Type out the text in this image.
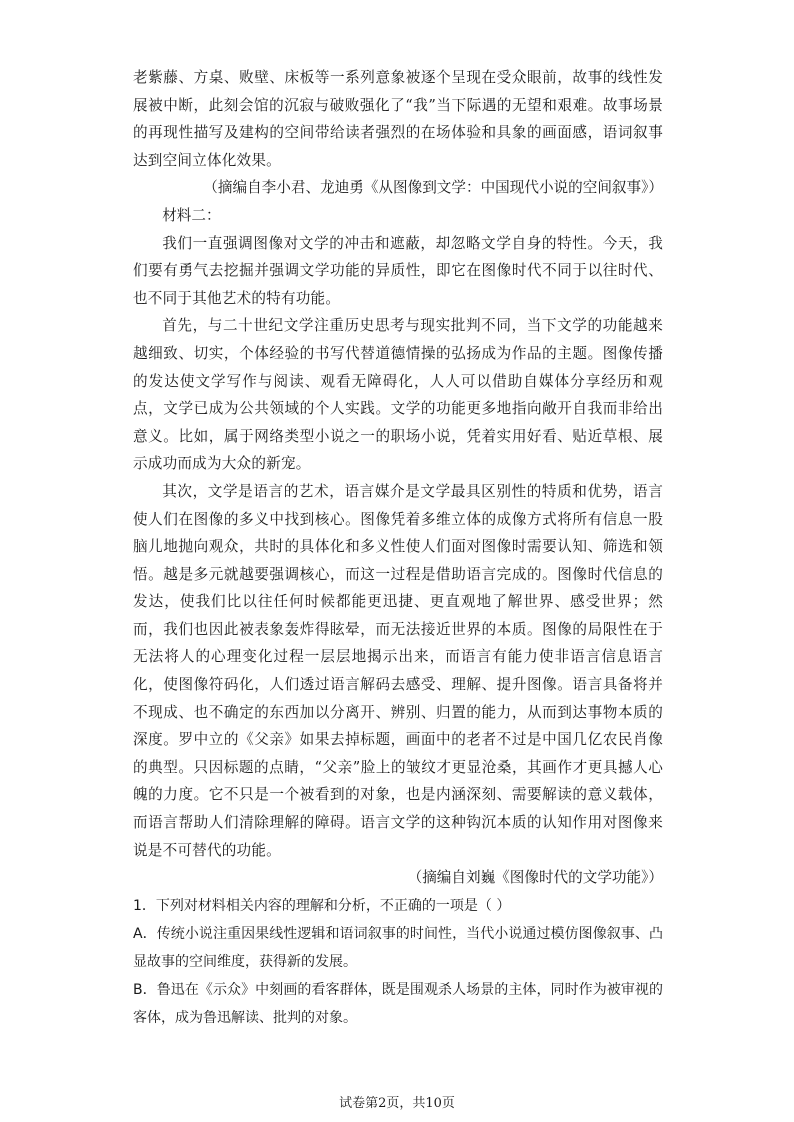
老紫藤、方桌、败壁、床板等一系列意象被逐个呈现在受众眼前，故事的线性发展被中断，此刻会馆的沉寂与破败强化了“我”当下际遇的无望和艰难。故事场景的再现性描写及建构的空间带给读者强烈的在场体验和具象的画面感，语词叙事达到空间立体化效果。

（摘编自李小君、龙迪勇《从图像到文学：中国现代小说的空间叙事》）

材料二：

我们一直强调图像对文学的冲击和遮蔽，却忽略文学自身的特性。今天，我们要有勇气去挖掘并强调文学功能的异质性，即它在图像时代不同于以往时代、也不同于其他艺术的特有功能。

首先，与二十世纪文学注重历史思考与现实批判不同，当下文学的功能越来越细致、切实，个体经验的书写代替道德情操的弘扬成为作品的主题。图像传播的发达使文学写作与阅读、观看无障碍化，人人可以借助自媒体分享经历和观点，文学已成为公共领域的个人实践。文学的功能更多地指向敞开自我而非给出意义。比如，属于网络类型小说之一的职场小说，凭着实用好看、贴近草根、展示成功而成为大众的新宠。

其次，文学是语言的艺术，语言媒介是文学最具区别性的特质和优势，语言使人们在图像的多义中找到核心。图像凭着多维立体的成像方式将所有信息一股脑儿地抛向观众，共时的具体化和多义性使人们面对图像时需要认知、筛选和领悟。越是多元就越要强调核心，而这一过程是借助语言完成的。图像时代信息的发达，使我们比以往任何时候都能更迅捷、更直观地了解世界、感受世界；然而，我们也因此被表象轰炸得眩晕，而无法接近世界的本质。图像的局限性在于无法将人的心理变化过程一层层地揭示出来，而语言有能力使非语言信息语言化，使图像符码化，人们透过语言解码去感受、理解、提升图像。语言具备将并不现成、也不确定的东西加以分离开、辨别、归置的能力，从而到达事物本质的深度。罗中立的《父亲》如果去掉标题，画面中的老者不过是中国几亿农民肖像的典型。只因标题的点睛，“父亲”脸上的皱纹才更显沧桑，其画作才更具撼人心魄的力度。它不只是一个被看到的对象，也是内涵深刻、需要解读的意义载体，而语言帮助人们清除理解的障碍。语言文学的这种钩沉本质的认知作用对图像来说是不可替代的功能。

（摘编自刘巍《图像时代的文学功能》）

1．下列对材料相关内容的理解和分析，不正确的一项是（ ）

A．传统小说注重因果线性逻辑和语词叙事的时间性，当代小说通过模仿图像叙事、凸显故事的空间维度，获得新的发展。

B．鲁迅在《示众》中刻画的看客群体，既是围观杀人场景的主体，同时作为被审视的客体，成为鲁迅解读、批判的对象。

试卷第2页，共10页
